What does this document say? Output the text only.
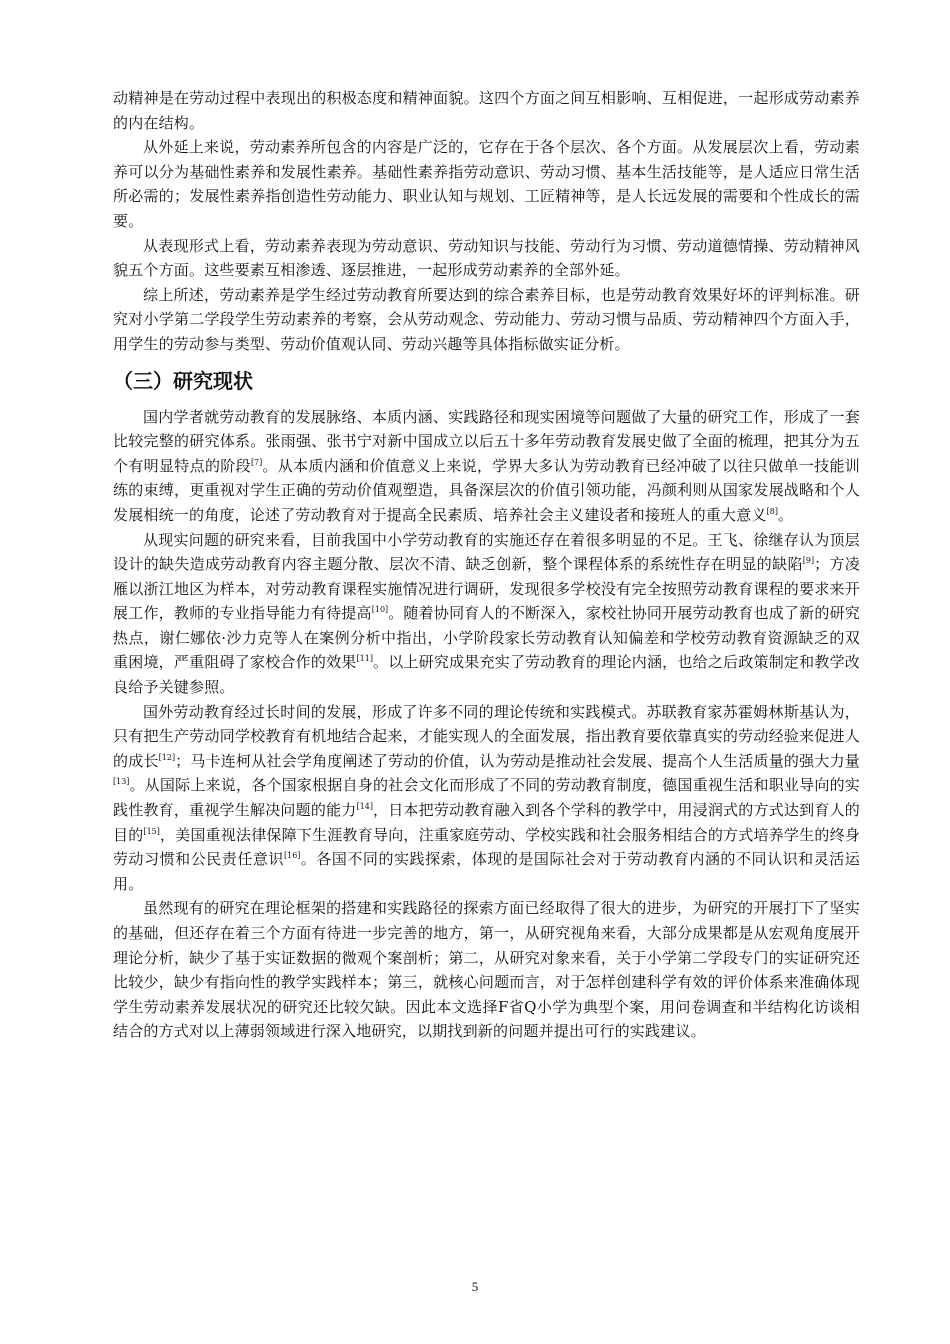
动精神是在劳动过程中表现出的积极态度和精神面貌。这四个方面之间互相影响、互相促进，一起形成劳动素养的内在结构。

从外延上来说，劳动素养所包含的内容是广泛的，它存在于各个层次、各个方面。从发展层次上看，劳动素养可以分为基础性素养和发展性素养。基础性素养指劳动意识、劳动习惯、基本生活技能等，是人适应日常生活所必需的；发展性素养指创造性劳动能力、职业认知与规划、工匠精神等，是人长远发展的需要和个性成长的需要。

从表现形式上看，劳动素养表现为劳动意识、劳动知识与技能、劳动行为习惯、劳动道德情操、劳动精神风貌五个方面。这些要素互相渗透、逐层推进，一起形成劳动素养的全部外延。

综上所述，劳动素养是学生经过劳动教育所要达到的综合素养目标，也是劳动教育效果好坏的评判标准。研究对小学第二学段学生劳动素养的考察，会从劳动观念、劳动能力、劳动习惯与品质、劳动精神四个方面入手，用学生的劳动参与类型、劳动价值观认同、劳动兴趣等具体指标做实证分析。

（三）研究现状

国内学者就劳动教育的发展脉络、本质内涵、实践路径和现实困境等问题做了大量的研究工作，形成了一套比较完整的研究体系。张雨强、张书宁对新中国成立以后五十多年劳动教育发展史做了全面的梳理，把其分为五个有明显特点的阶段[7]。从本质内涵和价值意义上来说，学界大多认为劳动教育已经冲破了以往只做单一技能训练的束缚，更重视对学生正确的劳动价值观塑造，具备深层次的价值引领功能，冯颜利则从国家发展战略和个人发展相统一的角度，论述了劳动教育对于提高全民素质、培养社会主义建设者和接班人的重大意义[8]。

从现实问题的研究来看，目前我国中小学劳动教育的实施还存在着很多明显的不足。王飞、徐继存认为顶层设计的缺失造成劳动教育内容主题分散、层次不清、缺乏创新，整个课程体系的系统性存在明显的缺陷[9]；方凌雁以浙江地区为样本，对劳动教育课程实施情况进行调研，发现很多学校没有完全按照劳动教育课程的要求来开展工作，教师的专业指导能力有待提高[10]。随着协同育人的不断深入，家校社协同开展劳动教育也成了新的研究热点，谢仁娜依·沙力克等人在案例分析中指出，小学阶段家长劳动教育认知偏差和学校劳动教育资源缺乏的双重困境，严重阻碍了家校合作的效果[11]。以上研究成果充实了劳动教育的理论内涵，也给之后政策制定和教学改良给予关键参照。

国外劳动教育经过长时间的发展，形成了许多不同的理论传统和实践模式。苏联教育家苏霍姆林斯基认为，只有把生产劳动同学校教育有机地结合起来，才能实现人的全面发展，指出教育要依靠真实的劳动经验来促进人的成长[12]；马卡连柯从社会学角度阐述了劳动的价值，认为劳动是推动社会发展、提高个人生活质量的强大力量[13]。从国际上来说，各个国家根据自身的社会文化而形成了不同的劳动教育制度，德国重视生活和职业导向的实践性教育，重视学生解决问题的能力[14]，日本把劳动教育融入到各个学科的教学中，用浸润式的方式达到育人的目的[15]，美国重视法律保障下生涯教育导向，注重家庭劳动、学校实践和社会服务相结合的方式培养学生的终身劳动习惯和公民责任意识[16]。各国不同的实践探索，体现的是国际社会对于劳动教育内涵的不同认识和灵活运用。

虽然现有的研究在理论框架的搭建和实践路径的探索方面已经取得了很大的进步，为研究的开展打下了坚实的基础，但还存在着三个方面有待进一步完善的地方，第一，从研究视角来看，大部分成果都是从宏观角度展开理论分析，缺少了基于实证数据的微观个案剖析；第二，从研究对象来看，关于小学第二学段专门的实证研究还比较少，缺少有指向性的教学实践样本；第三，就核心问题而言，对于怎样创建科学有效的评价体系来准确体现学生劳动素养发展状况的研究还比较欠缺。因此本文选择F省Q小学为典型个案，用问卷调查和半结构化访谈相结合的方式对以上薄弱领域进行深入地研究，以期找到新的问题并提出可行的实践建议。

5
